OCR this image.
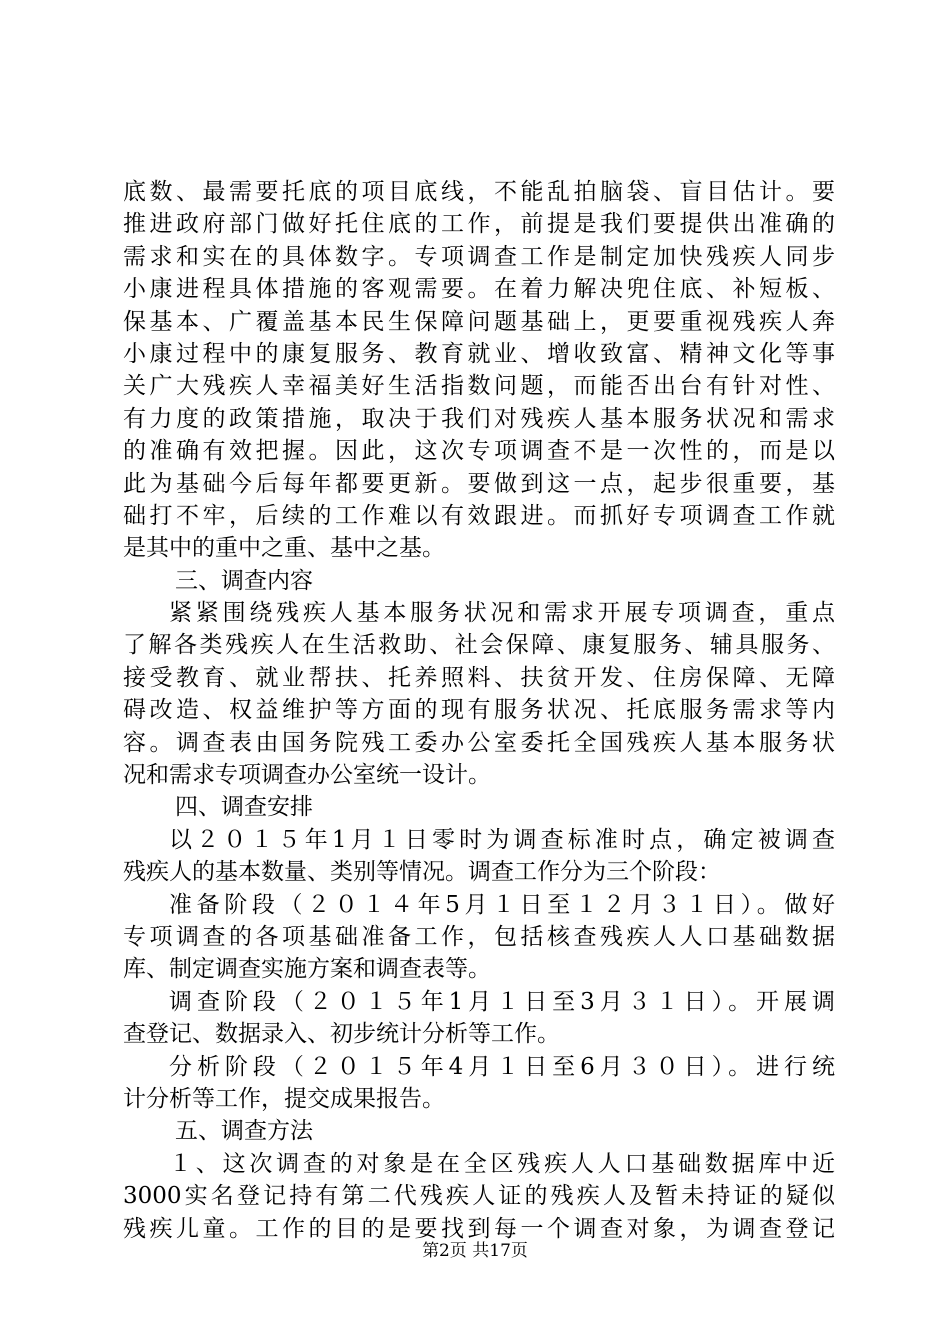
底数、最需要托底的项目底线，不能乱拍脑袋、盲目估计。要
推进政府部门做好托住底的工作，前提是我们要提供出准确的
需求和实在的具体数字。专项调查工作是制定加快残疾人同步
小康进程具体措施的客观需要。在着力解决兜住底、补短板、
保基本、广覆盖基本民生保障问题基础上，更要重视残疾人奔
小康过程中的康复服务、教育就业、增收致富、精神文化等事
关广大残疾人幸福美好生活指数问题，而能否出台有针对性、
有力度的政策措施，取决于我们对残疾人基本服务状况和需求
的准确有效把握。因此，这次专项调查不是一次性的，而是以
此为基础今后每年都要更新。要做到这一点，起步很重要，基
础打不牢，后续的工作难以有效跟进。而抓好专项调查工作就
是其中的重中之重、基中之基。
三、调查内容
紧紧围绕残疾人基本服务状况和需求开展专项调查，重点
了解各类残疾人在生活救助、社会保障、康复服务、辅具服务、
接受教育、就业帮扶、托养照料、扶贫开发、住房保障、无障
碍改造、权益维护等方面的现有服务状况、托底服务需求等内
容。调查表由国务院残工委办公室委托全国残疾人基本服务状
况和需求专项调查办公室统一设计。
四、调查安排
以２０１５年1月１日零时为调查标准时点，确定被调查
残疾人的基本数量、类别等情况。调查工作分为三个阶段：
准备阶段（２０１４年5月１日至１２月３１日）。做好
专项调查的各项基础准备工作，包括核查残疾人人口基础数据
库、制定调查实施方案和调查表等。
调查阶段（２０１５年1月１日至3月３１日）。开展调
查登记、数据录入、初步统计分析等工作。
分析阶段（２０１５年4月１日至6月３０日）。进行统
计分析等工作，提交成果报告。
五、调查方法
１、这次调查的对象是在全区残疾人人口基础数据库中近
3000实名登记持有第二代残疾人证的残疾人及暂未持证的疑似
残疾儿童。工作的目的是要找到每一个调查对象，为调查登记
第2页 共17页
